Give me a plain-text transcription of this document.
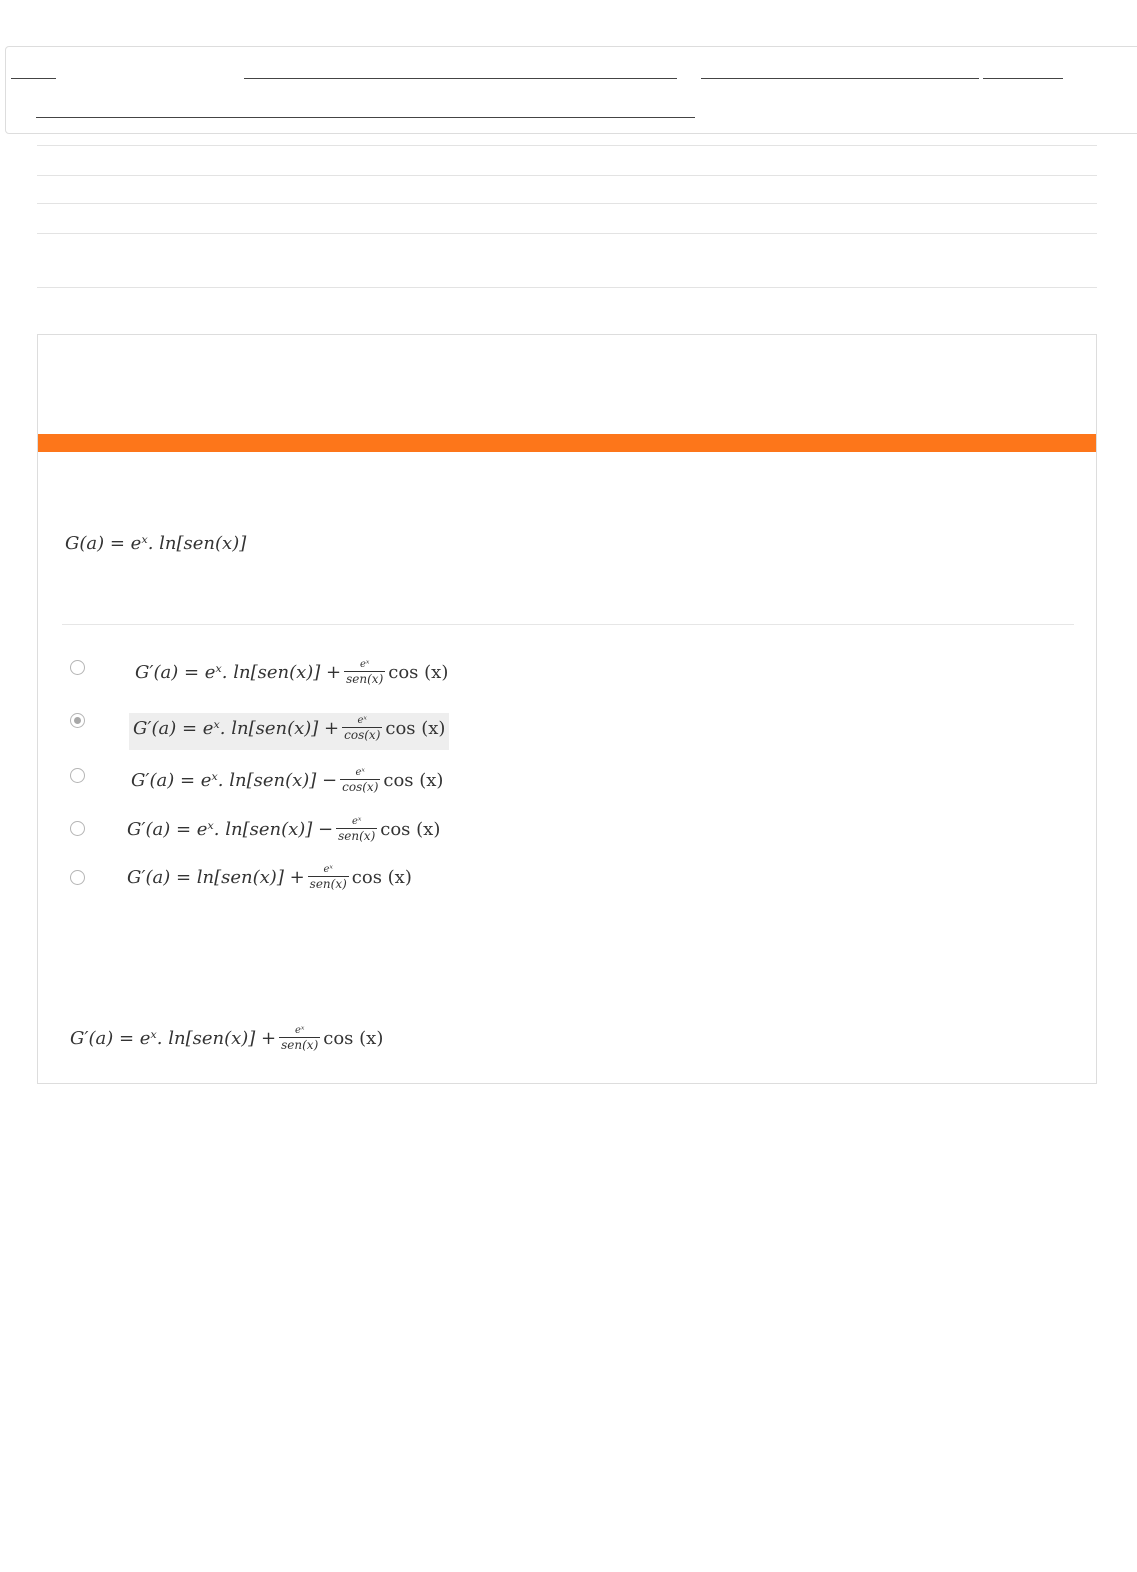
G(a) = eˣ. ln[sen(x)]
G′(a) = eˣ. $\ln[sen(x)] + \frac{\text{eˣ}}{\text{sen(x)}}$ cos (x)
G′(a) = eˣ. $\ln[sen(x)] + \frac{\text{eˣ}}{\cos(x)}$ cos (x)
G′(a) = eˣ. $\ln[sen(x)] - \frac{\text{eˣ}}{\cos(x)}$ cos (x)
G′(a) = eˣ. $\ln[sen(x)] - \frac{\text{eˣ}}{\text{sen(x)}}$ cos (x)
$G'(a) = \ln[sen(x)] + \frac{\text{eˣ}}{\text{sen(x)}}$ cos (x)
G′(a) = eˣ. $\ln[sen(x)] + \frac{\text{eˣ}}{\text{sen(x)}}$ cos (x)
